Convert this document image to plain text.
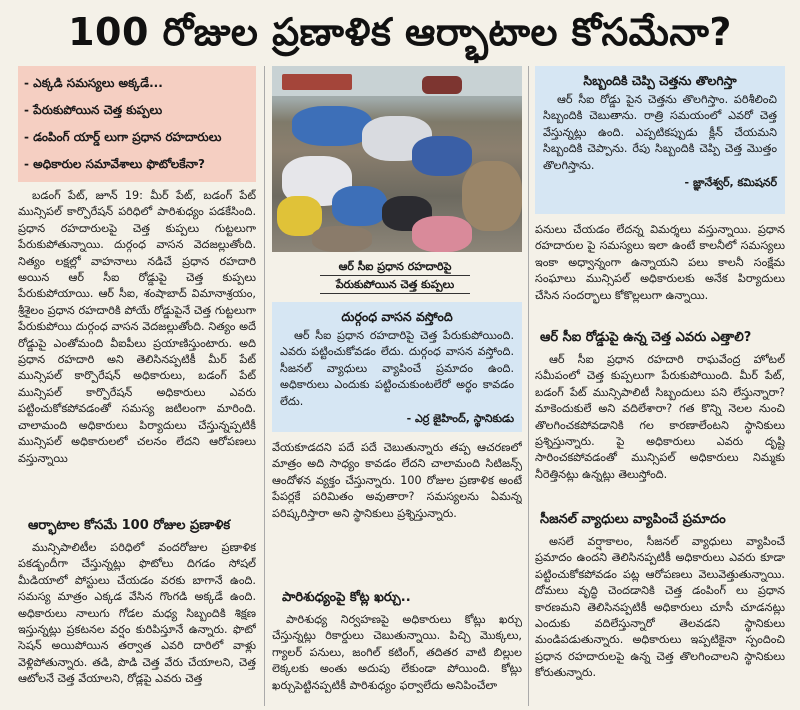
100 రోజుల ప్రణాళిక ఆర్భాటాల కోసమేనా?
- ఎక్కడి సమస్యలు అక్కడే...
- పేరుకుపోయిన చెత్త కుప్పలు
- డంపింగ్ యార్డ్ లుగా ప్రధాన రహదారులు
- అధికారుల సమావేశాలు ఫొటోలకేనా?

బడంగ్ పేట్, జూన్ 19: మీర్ పేట్, బడంగ్ పేట్ మున్సిపల్ కార్పొరేషన్ పరిధిలో పారిశుధ్యం పడకేసింది. ప్రధాన రహదారులపై చెత్త కుప్పలు గుట్టలుగా పేరుకుపోతున్నాయి. దుర్గంధ వాసన వెదజల్లుతోంది. నిత్యం లక్షల్లో వాహనాలు నడిచే ప్రధాన రహదారి అయిన ఆర్ సీఐ రోడ్డుపై చెత్త కుప్పలు పేరుకుపోయాయి. ఆర్ సీఐ, శంషాబాద్ విమానాశ్రయం, శ్రీశైలం ప్రధాన రహదారికి పోయే రోడ్డుపైనే చెత్త గుట్టలుగా పేరుకుపోయి దుర్గంధ వాసన వెదజల్లుతోంది. నిత్యం అదే రోడ్డుపై ఎంతోమంది వీఐపీలు ప్రయాణిస్తుంటారు. అది ప్రధాన రహదారి అని తెలిసినప్పటికీ మీర్ పేట్ మున్సిపల్ కార్పొరేషన్ అధికారులు, బడంగ్ పేట్ మున్సిపల్ కార్పొరేషన్ అధికారులు ఎవరు పట్టించుకోకపోవడంతో సమస్య జటిలంగా మారింది. చాలామంది అధికారులు పిర్యాదులు చేస్తున్నప్పటికీ మున్సిపల్ అధికారులలో చలనం లేదని ఆరోపణలు వస్తున్నాయి

ఆర్భాటాల కోసమే 100 రోజుల ప్రణాళిక

మున్సిపాలిటీల పరిధిలో వందరోజుల ప్రణాళిక పకడ్బందీగా చేస్తున్నట్లు ఫొటోలు దిగడం సోషల్ మీడియాలో పోస్టులు చేయడం వరకు బాగానే ఉంది. సమస్య మాత్రం ఎక్కడ వేసిన గొంగడి అక్కడే ఉంది. అధికారులు నాలుగు గోడల మధ్య సిబ్బందికి శిక్షణ ఇస్తున్నట్లు ప్రకటనల వర్షం కురిపిస్తూనే ఉన్నారు. ఫొటో సెషన్ అయిపోయిన తర్వాత ఎవరి దారిలో వాళ్లు వెళ్లిపోతున్నారు. తడి, పొడి చెత్త వేరు చేయాలని, చెత్త ఆటోలనే చెత్త వేయాలని, రోడ్లపై ఎవరు చెత్త

ఆర్ సీఐ ప్రధాన రహదారిపై
పేరుకుపోయిన చెత్త కుప్పలు
దుర్గంధ వాసన వస్తోంది

ఆర్ సీఐ ప్రధాన రహదారిపై చెత్త పేరుకుపోయింది. ఎవరు పట్టించుకోవడం లేదు. దుర్గంధ వాసన వస్తోంది. సీజనల్ వ్యాధులు వ్యాపించే ప్రమాదం ఉంది. అధికారులు ఎందుకు పట్టించుకుంటలేరో అర్థం కావడం లేదు.

- ఎర్ర జైహింద్, స్థానికుడు

వేయకూడదని పదే పదే చెబుతున్నారు తప్ప ఆచరణలో మాత్రం అది సాధ్యం కావడం లేదని చాలామంది సిటిజన్స్ ఆందోళన వ్యక్తం చేస్తున్నారు. 100 రోజుల ప్రణాళిక అంటే పేపర్లకే పరిమితం అవుతారా? సమస్యలను ఏమన్న పరిష్కరిస్తారా అని స్థానికులు ప్రశ్నిస్తున్నారు.

పారిశుధ్యంపై కోట్ల ఖర్చు..

పారిశుధ్య నిర్వహణపై అధికారులు కోట్లు ఖర్చు చేస్తున్నట్లు రికార్డులు చెబుతున్నాయి. పిచ్చి మొక్కలు, గ్యాలర్ పనులు, జంగిల్ కటింగ్, తదితర వాటి బిల్లుల లెక్కలకు అంతు అదుపు లేకుండా పోయింది. కోట్లు ఖర్చుపెట్టినప్పటికీ పారిశుధ్యం ఫర్వాలేదు అనిపించేలా

సిబ్బందికి చెప్పి చెత్తను తొలగిస్తా

ఆర్ సీఐ రోడ్డు పైన చెత్తను తొలగిస్తాం. పరిశీలించి సిబ్బందికి చెబుతాను. రాత్రి సమయంలో ఎవరో చెత్త వేస్తున్నట్లు ఉంది. ఎప్పటికప్పుడు క్లీన్ చేయమని సిబ్బందికి చెప్పాను. రేపు సిబ్బందికి చెప్పి చెత్త మొత్తం తొలగిస్తాను.

- జ్ఞానేశ్వర్, కమిషనర్

పనులు చేయడం లేదన్న విమర్శలు వస్తున్నాయి. ప్రధాన రహదారుల పై సమస్యలు ఇలా ఉంటే కాలనీలో సమస్యలు ఇంకా అధ్వాన్నంగా ఉన్నాయని పలు కాలనీ సంక్షేమ సంఘాలు మున్సిపల్ అధికారులకు అనేక పిర్యాదులు చేసిన సందర్భాలు కోకొల్లలుగా ఉన్నాయి.

ఆర్ సీఐ రోడ్డుపై ఉన్న చెత్త ఎవరు ఎత్తాలి?

ఆర్ సీఐ ప్రధాన రహదారి రాఘవేంద్ర హోటల్ సమీపంలో చెత్త కుప్పలుగా పేరుకుపోయింది. మీర్ పేట్, బడంగ్ పేట్ మున్సిపాలిటీ సిబ్బందులు పని లేస్తున్నారా? మాకెందుకులే అని వదిలేశారా? గత కొన్ని నెలల నుంచి తొలగించకపోవడానికి గల కారణాలేంటని స్థానికులు ప్రశ్నిస్తున్నారు. పై అధికారులు ఎవరు దృష్టి సారించకపోవడంతో మున్సిపల్ అధికారులు నిమ్మకు నీరెత్తినట్లు ఉన్నట్లు తెలుస్తోంది.

సీజనల్ వ్యాధులు వ్యాపించే ప్రమాదం

అసలే వర్షాకాలం, సీజనల్ వ్యాధులు వ్యాపించే ప్రమాదం ఉందని తెలిసినప్పటికీ అధికారులు ఎవరు కూడా పట్టించుకోకపోవడం పట్ల ఆరోపణలు వెలువెత్తుతున్నాయి. దోమలు వృద్ధి చెందడానికి చెత్త డంపింగ్ లు ప్రధాన కారణమని తెలిసినప్పటికీ అధికారులు చూసీ చూడనట్లు ఎందుకు వదిలేస్తున్నారో తెలవడని స్థానికులు మండిపడుతున్నారు. అధికారులు ఇప్పటికైనా స్పందించి ప్రధాన రహదారులపై ఉన్న చెత్త తొలగించాలని స్థానికులు కోరుతున్నారు.
